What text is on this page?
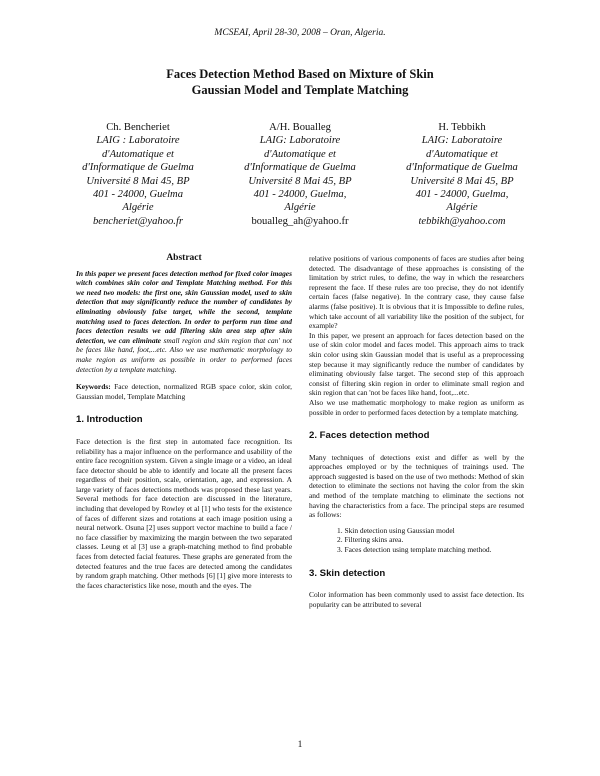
MCSEAI, April 28-30, 2008 – Oran, Algeria.
Faces Detection Method Based on Mixture of Skin
Gaussian Model and Template Matching
Ch. Bencheriet
LAIG : Laboratoire
d'Automatique et
d'Informatique de Guelma
Université 8 Mai 45, BP
401 - 24000, Guelma
Algérie
bencheriet@yahoo.fr
A/H. Boualleg
LAIG: Laboratoire
d'Automatique et
d'Informatique de Guelma
Université 8 Mai 45, BP
401 - 24000, Guelma,
Algérie
boualleg_ah@yahoo.fr
H. Tebbikh
LAIG: Laboratoire
d'Automatique et
d'Informatique de Guelma
Université 8 Mai 45, BP
401 - 24000, Guelma,
Algérie
tebbikh@yahoo.com
Abstract

In this paper we present faces detection method for fixed color images witch combines skin color and Template Matching method. For this we need two models: the first one, skin Gaussian model, used to skin detection that may significantly reduce the number of candidates by eliminating obviously false target, while the second, template matching used to faces detection. In order to perform run time and faces detection results we add filtering skin area step after skin detection, we can eliminate small region and skin region that can' not be faces like hand, foot,...etc. Also we use mathematic morphology to make region as uniform as possible in order to performed faces detection by a template matching.

Keywords: Face detection, normalized RGB space color, skin color, Gaussian model, Template Matching

1. Introduction

Face detection is the first step in automated face recognition. Its reliability has a major influence on the performance and usability of the entire face recognition system. Given a single image or a video, an ideal face detector should be able to identify and locate all the present faces regardless of their position, scale, orientation, age, and expression. A large variety of faces detections methods was proposed these last years. Several methods for face detection are discussed in the literature, including that developed by Rowley et al [1] who tests for the existence of faces of different sizes and rotations at each image position using a neural network. Osuna [2] uses support vector machine to build a face / no face classifier by maximizing the margin between the two separated classes. Leung et al [3] use a graph-matching method to find probable faces from detected facial features. These graphs are generated from the detected features and the true faces are detected among the candidates by random graph matching. Other methods [6] [1] give more interests to the faces characteristics like nose, mouth and the eyes. The

relative positions of various components of faces are studies after being detected. The disadvantage of these approaches is consisting of the limitation by strict rules, to define, the way in which the researchers represent the face. If these rules are too precise, they do not identify certain faces (false negative). In the contrary case, they cause false alarms (false positive). It is obvious that it is Impossible to define rules, which take account of all variability like the position of the subject, for example?

In this paper, we present an approach for faces detection based on the use of skin color model and faces model. This approach aims to track skin color using skin Gaussian model that is useful as a preprocessing step because it may significantly reduce the number of candidates by eliminating obviously false target. The second step of this approach consist of filtering skin region in order to eliminate small region and skin region that can 'not be faces like hand, foot,...etc.

Also we use mathematic morphology to make region as uniform as possible in order to performed faces detection by a template matching.

2. Faces detection method

Many techniques of detections exist and differ as well by the approaches employed or by the techniques of trainings used. The approach suggested is based on the use of two methods: Method of skin detection to eliminate the sections not having the color from the skin and method of the template matching to eliminate the sections not having the characteristics from a face. The principal steps are resumed as follows:

1. Skin detection using Gaussian model
2. Filtering skins area.
3. Faces detection using template matching method.
3. Skin detection

Color information has been commonly used to assist face detection. Its popularity can be attributed to several

1
